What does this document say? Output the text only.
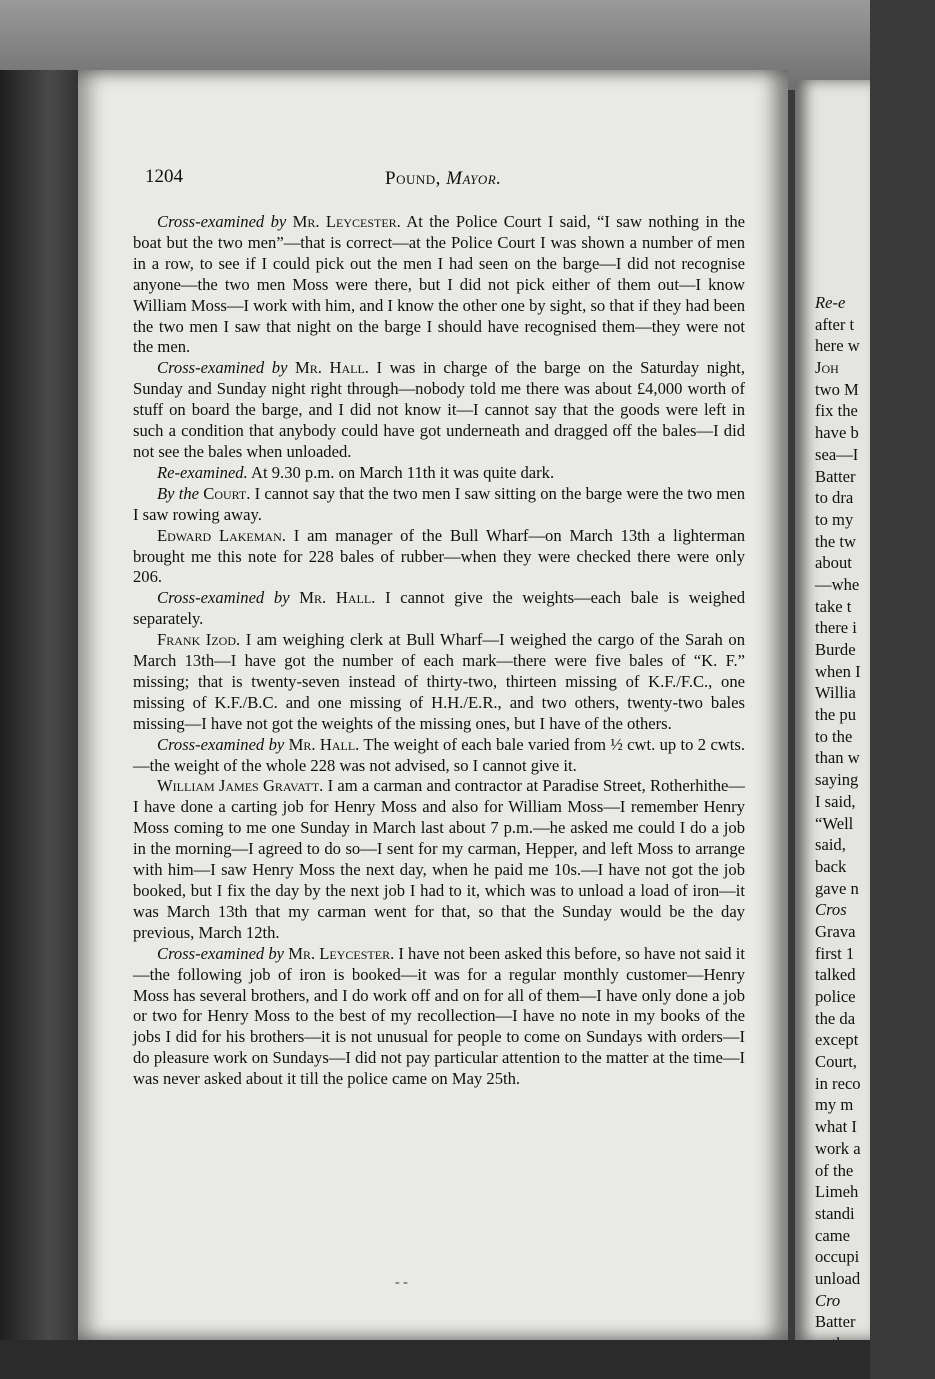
1204	Pound, Mayor.

Cross-examined by Mr. Leycester. At the Police Court I said, “I saw nothing in the boat but the two men”—that is correct—at the Police Court I was shown a number of men in a row, to see if I could pick out the men I had seen on the barge—I did not recognise anyone—the two men Moss were there, but I did not pick either of them out—I know William Moss—I work with him, and I know the other one by sight, so that if they had been the two men I saw that night on the barge I should have recognised them—they were not the men.

Cross-examined by Mr. Hall. I was in charge of the barge on the Saturday night, Sunday and Sunday night right through—nobody told me there was about £4,000 worth of stuff on board the barge, and I did not know it—I cannot say that the goods were left in such a condition that anybody could have got underneath and dragged off the bales—I did not see the bales when unloaded.

Re-examined. At 9.30 p.m. on March 11th it was quite dark.

By the Court. I cannot say that the two men I saw sitting on the barge were the two men I saw rowing away.

Edward Lakeman. I am manager of the Bull Wharf—on March 13th a lighterman brought me this note for 228 bales of rubber—when they were checked there were only 206.

Cross-examined by Mr. Hall. I cannot give the weights—each bale is weighed separately.

Frank Izod. I am weighing clerk at Bull Wharf—I weighed the cargo of the Sarah on March 13th—I have got the number of each mark—there were five bales of “K. F.” missing; that is twenty-seven instead of thirty-two, thirteen missing of K.F./F.C., one missing of K.F./B.C. and one missing of H.H./E.R., and two others, twenty-two bales missing—I have not got the weights of the missing ones, but I have of the others.

Cross-examined by Mr. Hall. The weight of each bale varied from ½ cwt. up to 2 cwts.—the weight of the whole 228 was not advised, so I cannot give it.

William James Gravatt. I am a carman and contractor at Paradise Street, Rotherhithe—I have done a carting job for Henry Moss and also for William Moss—I remember Henry Moss coming to me one Sunday in March last about 7 p.m.—he asked me could I do a job in the morning—I agreed to do so—I sent for my carman, Hepper, and left Moss to arrange with him—I saw Henry Moss the next day, when he paid me 10s.—I have not got the job booked, but I fix the day by the next job I had to it, which was to unload a load of iron—it was March 13th that my carman went for that, so that the Sunday would be the day previous, March 12th.

Cross-examined by Mr. Leycester. I have not been asked this before, so have not said it—the following job of iron is booked—it was for a regular monthly customer—Henry Moss has several brothers, and I do work off and on for all of them—I have only done a job or two for Henry Moss to the best of my recollection—I have no note in my books of the jobs I did for his brothers—it is not unusual for people to come on Sundays with orders—I do pleasure work on Sundays—I did not pay particular attention to the matter at the time—I was never asked about it till the police came on May 25th.

- -
Re-e
after t
here w
Joh
two M
fix the
have b
sea—I
Batter
to dra
to my
the tw
about
—whe
take t
there i
Burde
when I
Willia
the pu
to the
than w
saying
I said,
“Well
said,
back
gave n
Cros
Grava
first 1
talked
police
the da
except
Court,
in reco
my m
what I
work a
of the
Limeh
standi
came
occupi
unload
Cro
Batter
